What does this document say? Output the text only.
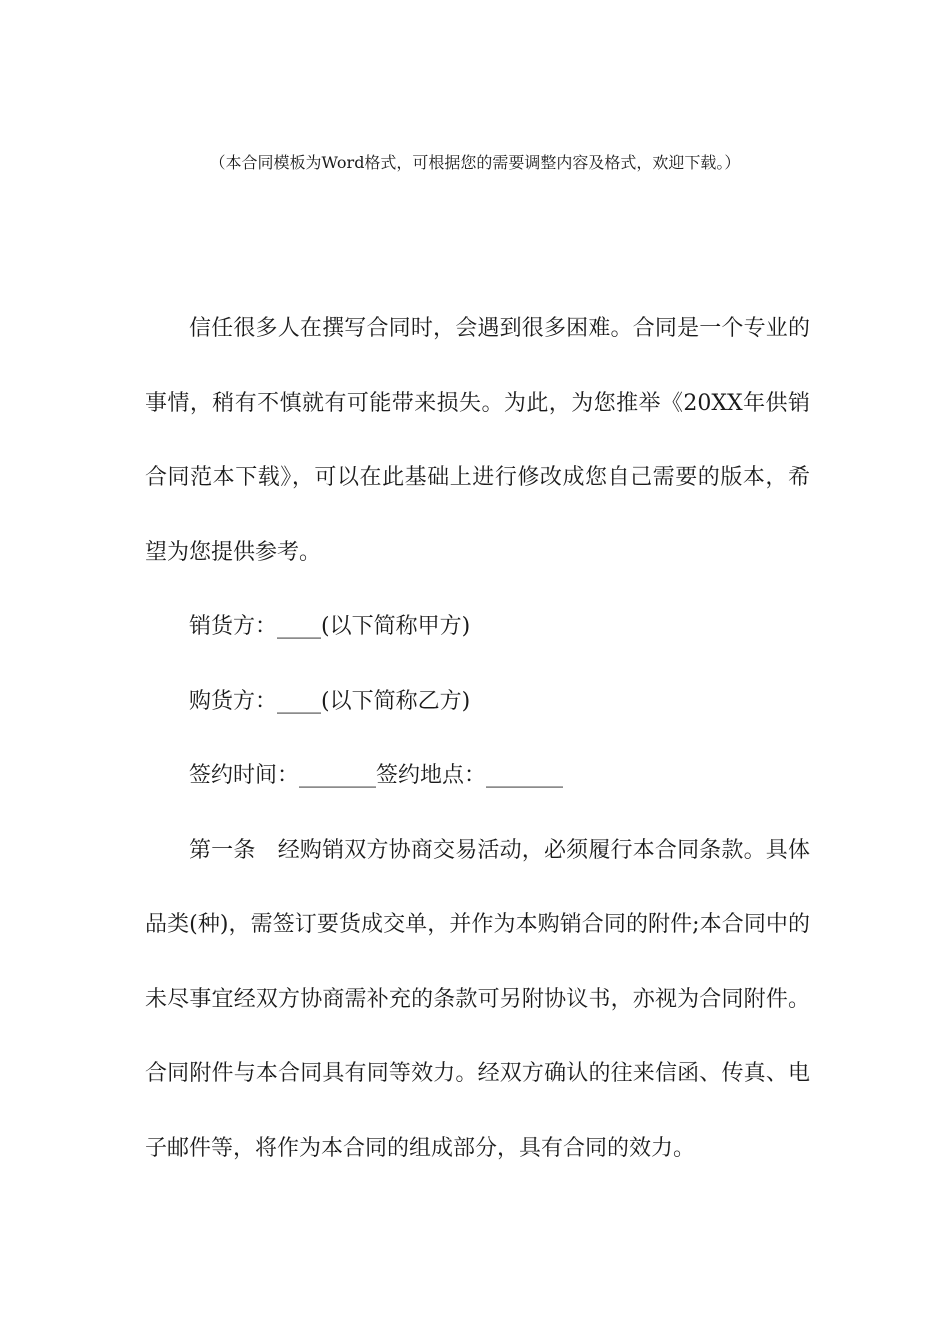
（本合同模板为Word格式，可根据您的需要调整内容及格式，欢迎下载。）

信任很多人在撰写合同时，会遇到很多困难。合同是一个专业的事情，稍有不慎就有可能带来损失。为此，为您推举《20XX年供销合同范本下载》，可以在此基础上进行修改成您自己需要的版本，希望为您提供参考。

销货方：____(以下简称甲方)

购货方：____(以下简称乙方)

签约时间：_______签约地点：_______

第一条　经购销双方协商交易活动，必须履行本合同条款。具体品类(种)，需签订要货成交单，并作为本购销合同的附件;本合同中的未尽事宜经双方协商需补充的条款可另附协议书，亦视为合同附件。合同附件与本合同具有同等效力。经双方确认的往来信函、传真、电子邮件等，将作为本合同的组成部分，具有合同的效力。
